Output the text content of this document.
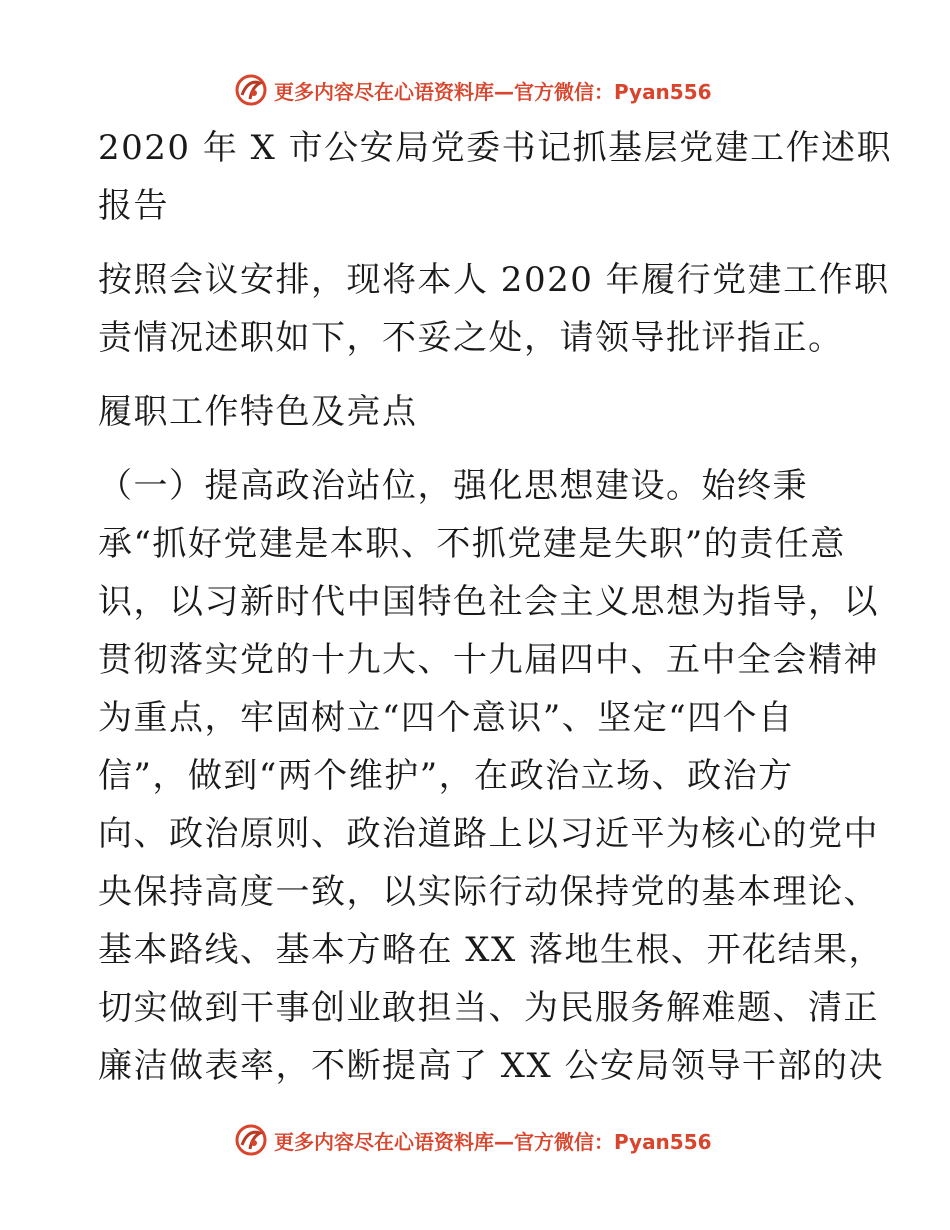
更多内容尽在心语资料库—官方微信：Pyan556
2020 年 X 市公安局党委书记抓基层党建工作述职
报告
按照会议安排，现将本人 2020 年履行党建工作职
责情况述职如下，不妥之处，请领导批评指正。
履职工作特色及亮点
（一）提高政治站位，强化思想建设。始终秉
承“抓好党建是本职、不抓党建是失职”的责任意
识，以习新时代中国特色社会主义思想为指导，以
贯彻落实党的十九大、十九届四中、五中全会精神
为重点，牢固树立“四个意识”、坚定“四个自
信”，做到“两个维护”，在政治立场、政治方
向、政治原则、政治道路上以习近平为核心的党中
央保持高度一致，以实际行动保持党的基本理论、
基本路线、基本方略在 XX 落地生根、开花结果，
切实做到干事创业敢担当、为民服务解难题、清正
廉洁做表率，不断提高了 XX 公安局领导干部的决
更多内容尽在心语资料库—官方微信：Pyan556
